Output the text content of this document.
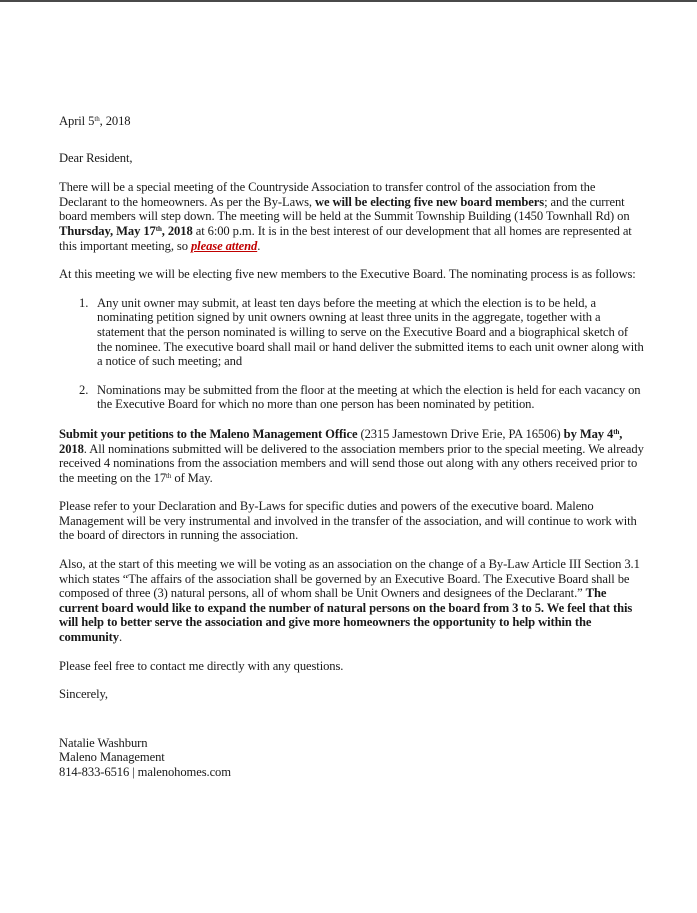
April 5th, 2018

Dear Resident,

There will be a special meeting of the Countryside Association to transfer control of the association from the Declarant to the homeowners. As per the By-Laws, we will be electing five new board members; and the current board members will step down. The meeting will be held at the Summit Township Building (1450 Townhall Rd) on Thursday, May 17th, 2018 at 6:00 p.m. It is in the best interest of our development that all homes are represented at this important meeting, so please attend.

At this meeting we will be electing five new members to the Executive Board. The nominating process is as follows:

1. Any unit owner may submit, at least ten days before the meeting at which the election is to be held, a nominating petition signed by unit owners owning at least three units in the aggregate, together with a statement that the person nominated is willing to serve on the Executive Board and a biographical sketch of the nominee. The executive board shall mail or hand deliver the submitted items to each unit owner along with a notice of such meeting; and
2. Nominations may be submitted from the floor at the meeting at which the election is held for each vacancy on the Executive Board for which no more than one person has been nominated by petition.

Submit your petitions to the Maleno Management Office (2315 Jamestown Drive Erie, PA 16506) by May 4th, 2018. All nominations submitted will be delivered to the association members prior to the special meeting. We already received 4 nominations from the association members and will send those out along with any others received prior to the meeting on the 17th of May.

Please refer to your Declaration and By-Laws for specific duties and powers of the executive board. Maleno Management will be very instrumental and involved in the transfer of the association, and will continue to work with the board of directors in running the association.

Also, at the start of this meeting we will be voting as an association on the change of a By-Law Article III Section 3.1 which states “The affairs of the association shall be governed by an Executive Board. The Executive Board shall be composed of three (3) natural persons, all of whom shall be Unit Owners and designees of the Declarant.” The current board would like to expand the number of natural persons on the board from 3 to 5. We feel that this will help to better serve the association and give more homeowners the opportunity to help within the community.

Please feel free to contact me directly with any questions.

Sincerely,

Natalie Washburn

Maleno Management

814-833-6516 | malenohomes.com
